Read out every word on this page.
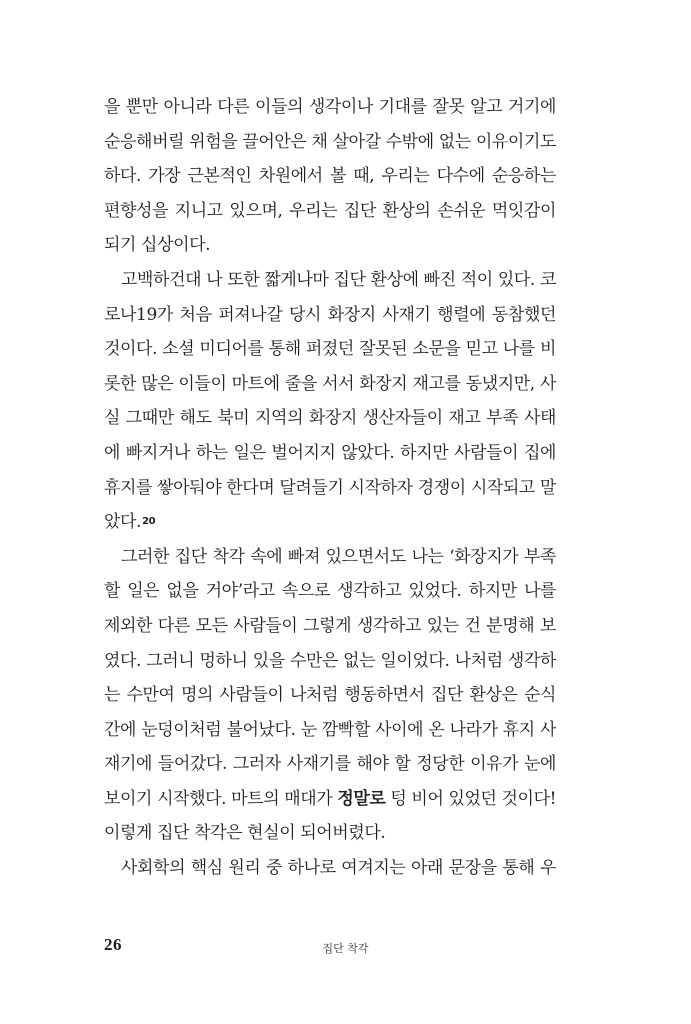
을 뿐만 아니라 다른 이들의 생각이나 기대를 잘못 알고 거기에
순응해버릴 위험을 끌어안은 채 살아갈 수밖에 없는 이유이기도
하다. 가장 근본적인 차원에서 볼 때, 우리는 다수에 순응하는
편향성을 지니고 있으며, 우리는 집단 환상의 손쉬운 먹잇감이
되기 십상이다.
고백하건대 나 또한 짧게나마 집단 환상에 빠진 적이 있다. 코
로나19가 처음 퍼져나갈 당시 화장지 사재기 행렬에 동참했던
것이다. 소셜 미디어를 통해 퍼졌던 잘못된 소문을 믿고 나를 비
롯한 많은 이들이 마트에 줄을 서서 화장지 재고를 동냈지만, 사
실 그때만 해도 북미 지역의 화장지 생산자들이 재고 부족 사태
에 빠지거나 하는 일은 벌어지지 않았다. 하지만 사람들이 집에
휴지를 쌓아둬야 한다며 달려들기 시작하자 경쟁이 시작되고 말
았다. 20
그러한 집단 착각 속에 빠져 있으면서도 나는 ‘화장지가 부족
할 일은 없을 거야’라고 속으로 생각하고 있었다. 하지만 나를
제외한 다른 모든 사람들이 그렇게 생각하고 있는 건 분명해 보
였다. 그러니 멍하니 있을 수만은 없는 일이었다. 나처럼 생각하
는 수만여 명의 사람들이 나처럼 행동하면서 집단 환상은 순식
간에 눈덩이처럼 불어났다. 눈 깜빡할 사이에 온 나라가 휴지 사
재기에 들어갔다. 그러자 사재기를 해야 할 정당한 이유가 눈에
보이기 시작했다. 마트의 매대가 정말로 텅 비어 있었던 것이다!
이렇게 집단 착각은 현실이 되어버렸다.
사회학의 핵심 원리 중 하나로 여겨지는 아래 문장을 통해 우
26	집단 착각
